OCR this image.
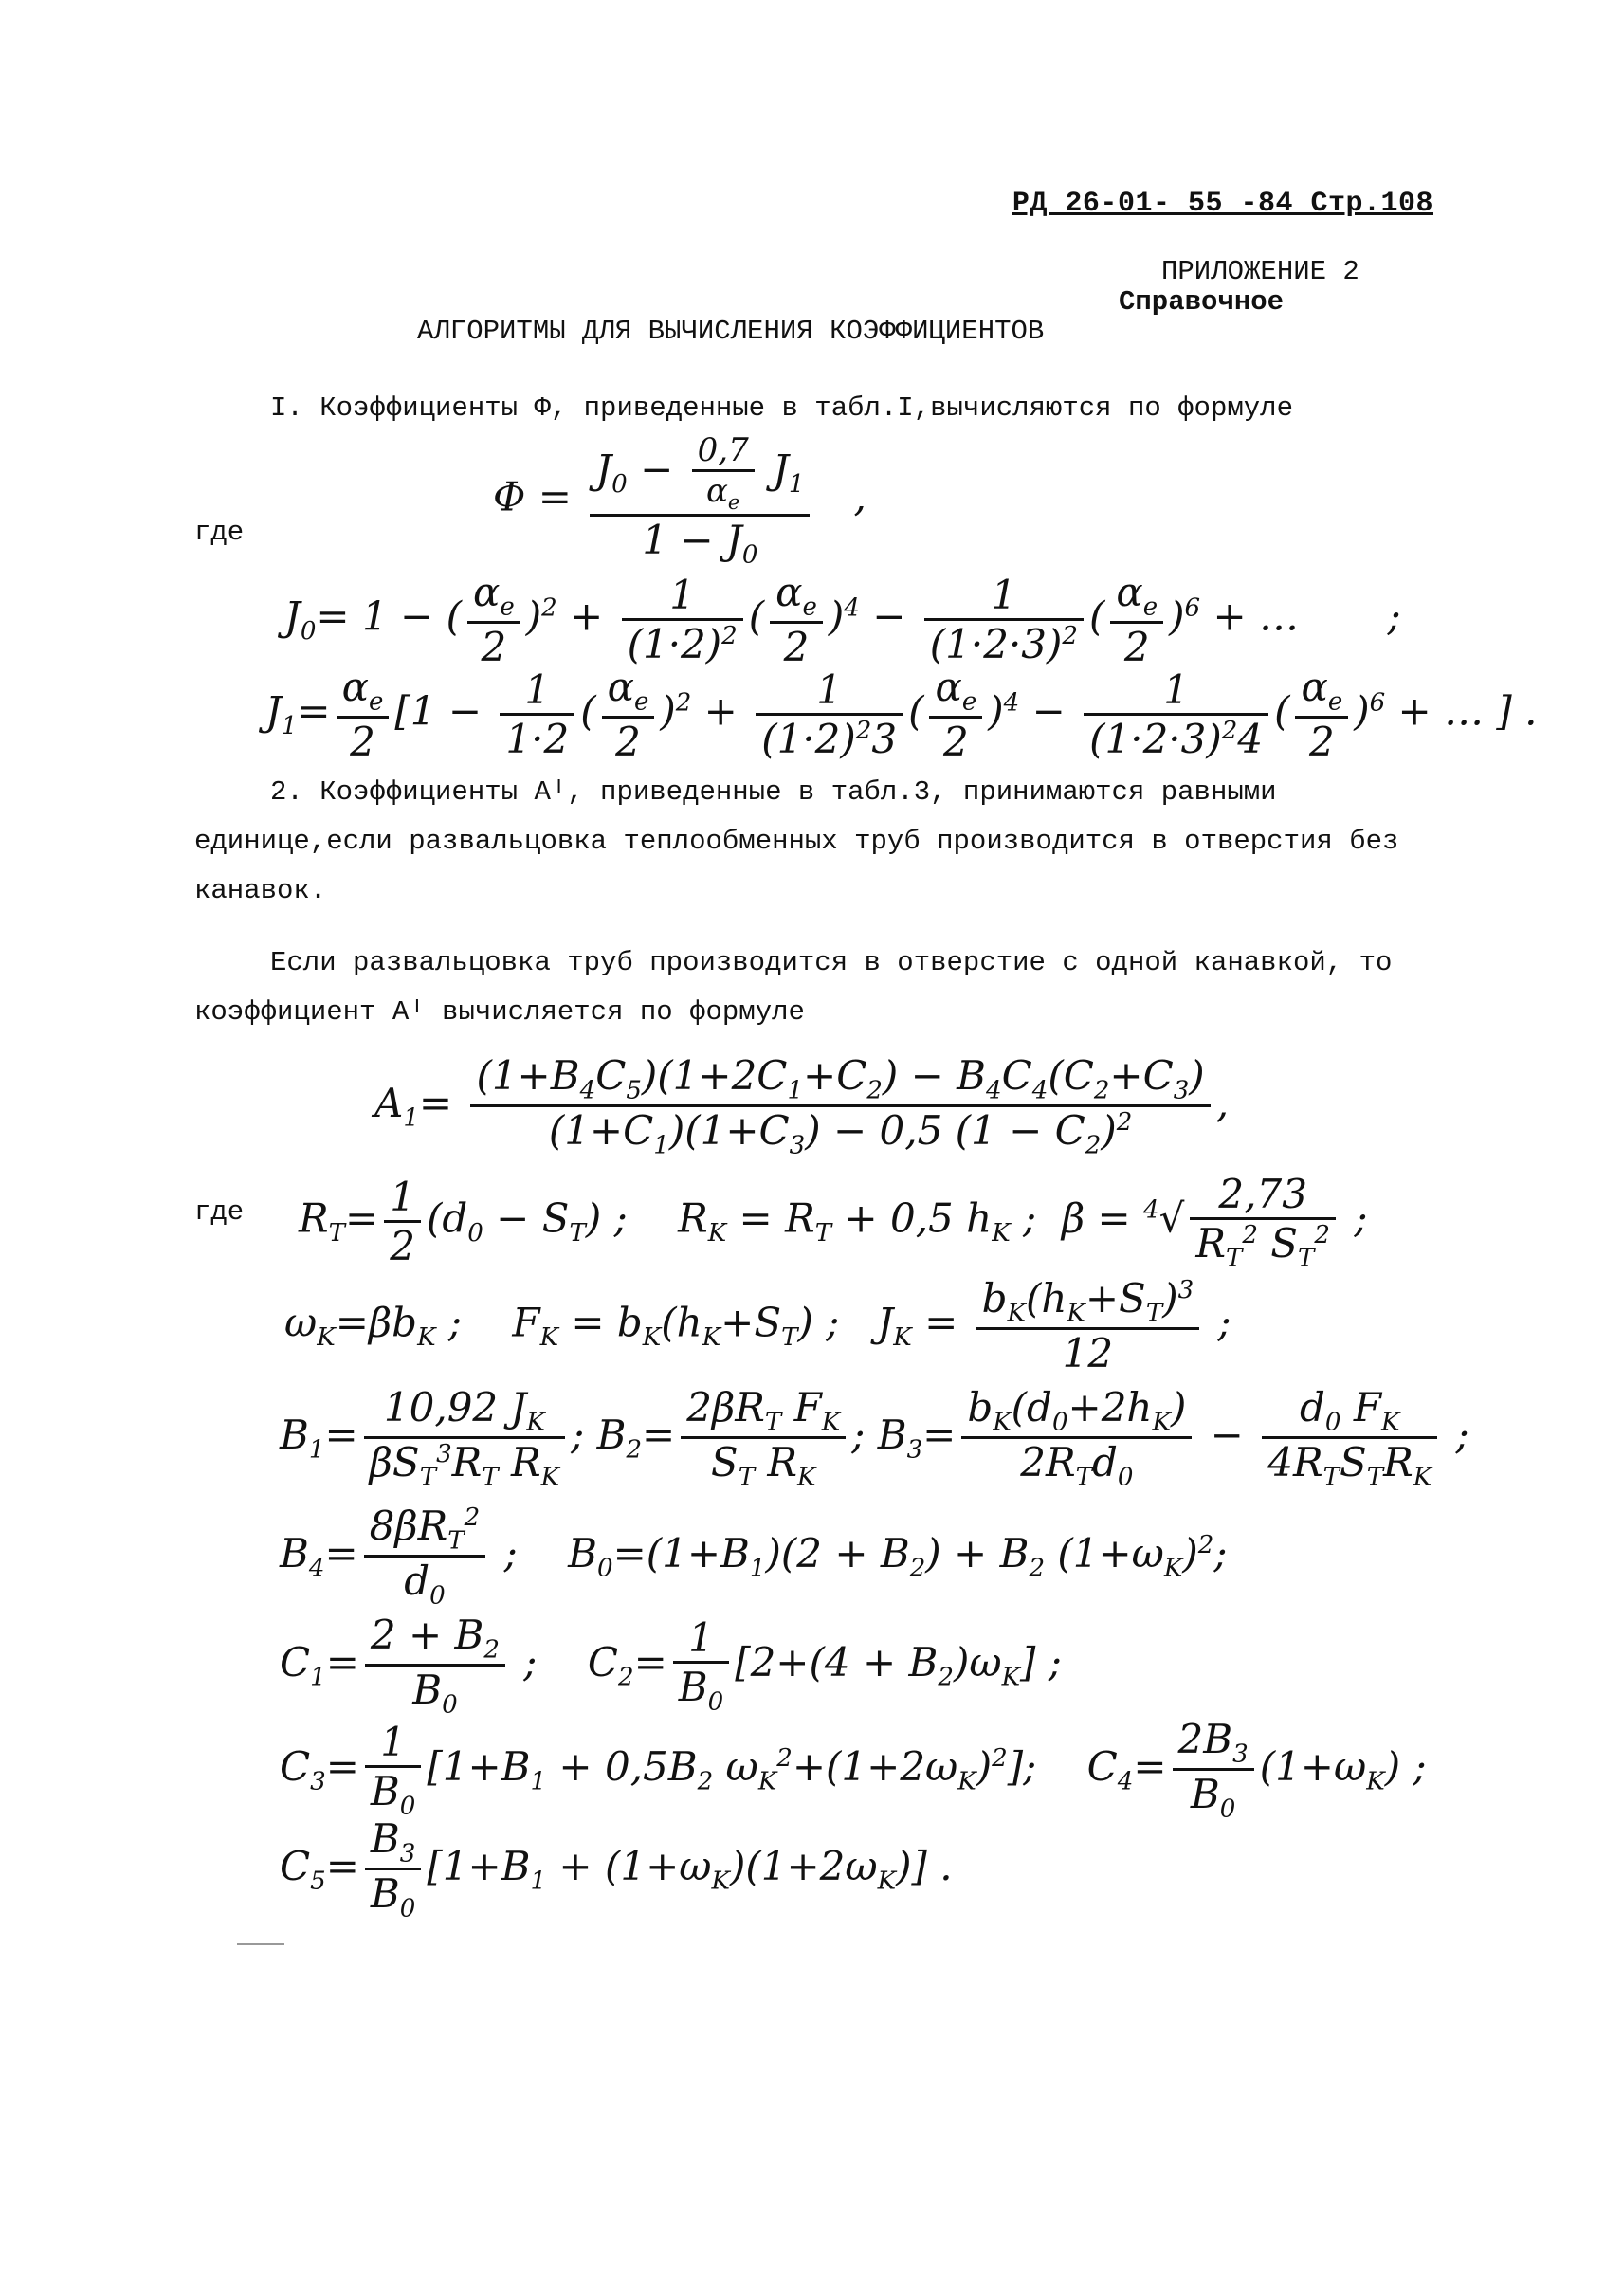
РД 26-01- 55 -84 Стр.108
ПРИЛОЖЕНИЕ 2
Справочное
АЛГОРИТМЫ ДЛЯ ВЫЧИСЛЕНИЯ КОЭФФИЦИЕНТОВ
I. Коэффициенты Ф, приведенные в табл.I,вычисляются по формуле
$\Phi = \frac{J_0 - \frac{0,7}{\alpha_e} J_1}{1 - J_0}$ ,
где
$J_0= 1$ − ( $\frac{\alpha_e}{2} )^2 + \frac{1}{(1\cdot 2)^2}$ ( $\frac{\alpha_e}{2} )^4 - \frac{1}{(1\cdot 2\cdot 3)^2}$ ( $\frac{\alpha_e}{2} )^6$ + …       ;
$J_1= \frac{\alpha_e}{2} [1 - \frac{1}{1\cdot 2}$ ( $\frac{\alpha_e}{2} )^2 + \frac{1}{(1\cdot 2)^23}$ ( $\frac{\alpha_e}{2} )^4 - \frac{1}{(1\cdot 2\cdot 3)^24}$ ( $\frac{\alpha_e}{2} )^6$ + … ] .
2. Коэффициенты Aᴵ, приведенные в табл.3, принимаются равными единице,если развальцовка теплообменных труб производится в отверстия без канавок.
Если развальцовка труб производится в отверстие с одной канавкой, то коэффициент Aᴵ вычисляется по формуле
$A_1= \frac{(1+B_4C_5)(1+2C_1+C_2) - B_4C_4(C_2+C_3)}{(1+C_1)(1+C_3) - 0,5 (1 - C_2)^2}$ ,
где $R_T= \frac{1}{2} (d_0 - S_T)$ ;    $R_K = R_T + 0,5$ $h_K$ ;  $\beta = ^4√ \frac{2,73}{R_T^2 S_T^2}$ ;
$\omega_K=\beta b_K$ ;    $F_K = b_K(h_K+S_T)$ ;   $J_K = \frac{b_K(h_K+S_T)^3}{12}$ ;
$B_1= \frac{10,92 J_K}{\beta S_T^3R_T R_K}$ ; $B_2= \frac{2\beta R_T F_K}{S_T R_K}$ ; $B_3= \frac{b_K(d_0+2h_K)}{2R_Td_0} - \frac{d_0 F_K}{4R_TS_TR_K}$ ;
$B_4= \frac{8\beta R_T^2}{d_0}$ ;    $B_0=(1+B_1)(2 + B_2) + B_2$ $(1+\omega_K)^2$;
$C_1= \frac{2 + B_2}{B_0}$ ;    $C_2= \frac{1}{B_0} [2+(4 + B_2)\omega_K]$ ;
$C_3= \frac{1}{B_0} [1+B_1 + 0,5B_2$ $\omega_K^2+(1+2\omega_K)^2$];    $C_4= \frac{2B_3}{B_0} (1+\omega_K)$ ;
$C_5= \frac{B_3}{B_0} [1+B_1 + (1+\omega_K)(1+2\omega_K)]$ .
